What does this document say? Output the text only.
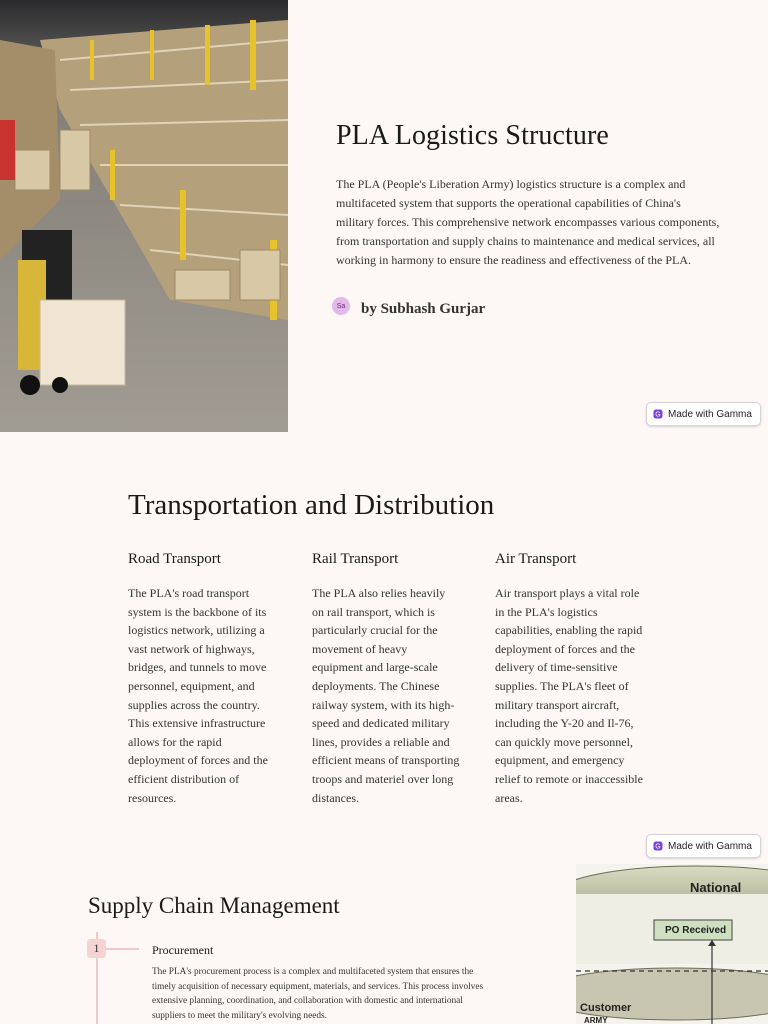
PLA Logistics Structure

The PLA (People's Liberation Army) logistics structure is a complex and multifaceted system that supports the operational capabilities of China's military forces. This comprehensive network encompasses various components, from transportation and supply chains to maintenance and medical services, all working in harmony to ensure the readiness and effectiveness of the PLA.

Sa	by Subhash Gurjar
G Made with Gamma
Transportation and Distribution
Road Transport

The PLA's road transport system is the backbone of its logistics network, utilizing a vast network of highways, bridges, and tunnels to move personnel, equipment, and supplies across the country. This extensive infrastructure allows for the rapid deployment of forces and the efficient distribution of resources.

Rail Transport

The PLA also relies heavily on rail transport, which is particularly crucial for the movement of heavy equipment and large-scale deployments. The Chinese railway system, with its high-speed and dedicated military lines, provides a reliable and efficient means of transporting troops and materiel over long distances.

Air Transport

Air transport plays a vital role in the PLA's logistics capabilities, enabling the rapid deployment of forces and the delivery of time-sensitive supplies. The PLA's fleet of military transport aircraft, including the Y-20 and Il-76, can quickly move personnel, equipment, and emergency relief to remote or inaccessible areas.

G Made with Gamma
Supply Chain Management
1	Procurement

The PLA's procurement process is a complex and multifaceted system that ensures the timely acquisition of necessary equipment, materials, and services. This process involves extensive planning, coordination, and collaboration with domestic and international suppliers to meet the military's evolving needs.

National
PO Received
Customer
ARMY
